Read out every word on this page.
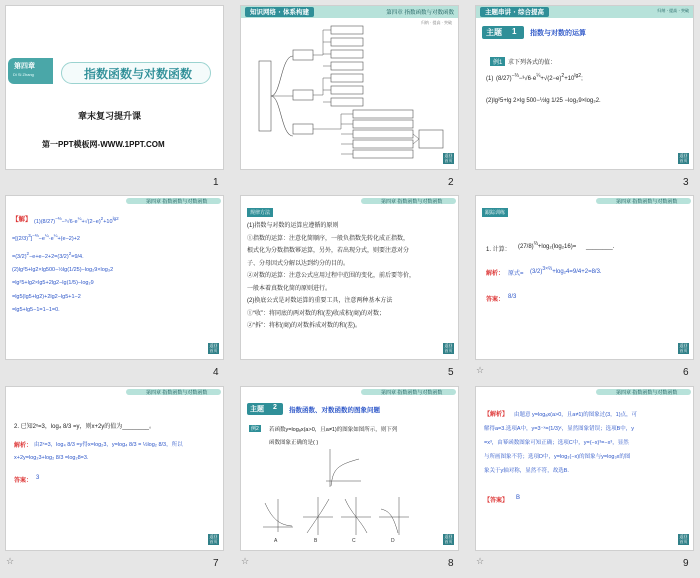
第四章
Di Si Zhang	指数函数与对数函数
章末复习提升课
第一PPT模板网-WWW.1PPT.COM
1
知识网络 · 体系构建	第四章 指数函数与对数函数
归纳 · 提高 · 突破
返回
首页
2
主题串讲 · 综合提高	归纳 · 提高 · 突破
主题 1 指数与对数的运算
例1 求下列各式的值：
(1) $(8/27)^{-\frac{2}{3}}-^3√6\cdot e^{\frac{1}{4}}+√(2-e)^2+10^{lg2}$;
(2)lg²5+lg 2×lg 500−½lg 1/25 −log₂9×log₃2.
返回
首页
3
第四章 指数函数与对数函数
【解】 $(1)(8/27)^{-\frac{2}{3}}-^3√6\cdot e^{\frac{1}{4}}+√(2-e)^2+10^{lg2}$
$=[(2/3)^3]^{-\frac{2}{3}}-e^{\frac{1}{4}}\cdot e^{\frac{1}{4}}+(e-2)+2$
$=(3/2)^2-e+e-2+2=(3/2)^2=9/4$.
(2)lg²5+lg2×lg500−½lg(1/25)−log₂9×log₃2
=lg²5+lg2×lg5+2lg2−lg(1/5)−log₂9
=lg5(lg5+lg2)+2lg2−lg5+1−2
=lg5+lg5−1=1−1=0.
返回
首页
4
第四章 指数函数与对数函数
规律方法
(1)指数与对数的运算应遵循的原则
①指数的运算：注意化简顺序，一般负指数先转化成正指数，
根式化为分数指数幂运算，另外，若出现分式，则要注意对分
子、分母因式分解以达到约分的目的。
②对数的运算：注意公式应用过程中范围的变化，前后要等价，
一般本着真数化简的原则进行。
(2)换底公式是对数运算的重要工具，注意两种基本方法
①“收”：将同底的两对数的和(差)收成积(商)的对数；
②“拆”：将积(商)的对数拆成对数的和(差)。
返回
首页
5
第四章 指数函数与对数函数
跟踪训练
1. 计算： $(27/8)^{\frac{2}{3}}+\log_2(\log_216)=$ ________.
解析： 原式= $(3/2)^{3\times\frac{2}{3}}+\log_24=9/4+2=8/3$.
答案： 8/3
返回
首页
6
☆
第四章 指数函数与对数函数
2. 已知2ˣ=3，log₄ 8/3 =y，则x+2y的值为________。
解析： 由2ˣ=3，log₄ 8/3 =y得x=log₂3，y=log₄ 8/3 = ½log₂ 8/3，所以
x+2y=log₂3+log₂ 8/3 =log₂8=3.
答案： 3
返回
首页
7
☆
第四章 指数函数与对数函数
主题 2 指数函数、对数函数的图象问题
例2	若函数y=logₐx(a>0，且a≠1)的图象如图所示，则下列
函数图象正确的是( )
A	B	C	D
返回
首页
8
☆
第四章 指数函数与对数函数
【解析】	由题意 y=logₐx(a>0，且a≠1)的图象过(3，1)点，可
解得a=3.选项A中，y=3⁻ˣ=(1/3)ˣ，显然图象错误；选项B中，y
=x³，由幂函数图象可知正确；选项C中，y=(−x)³=−x³，显然
与所画图象不符；选项D中，y=log₃(−x)的图象与y=log₃x的图
象关于y轴对称，显然不符，故选B.
【答案】 B
返回
首页
9
☆
